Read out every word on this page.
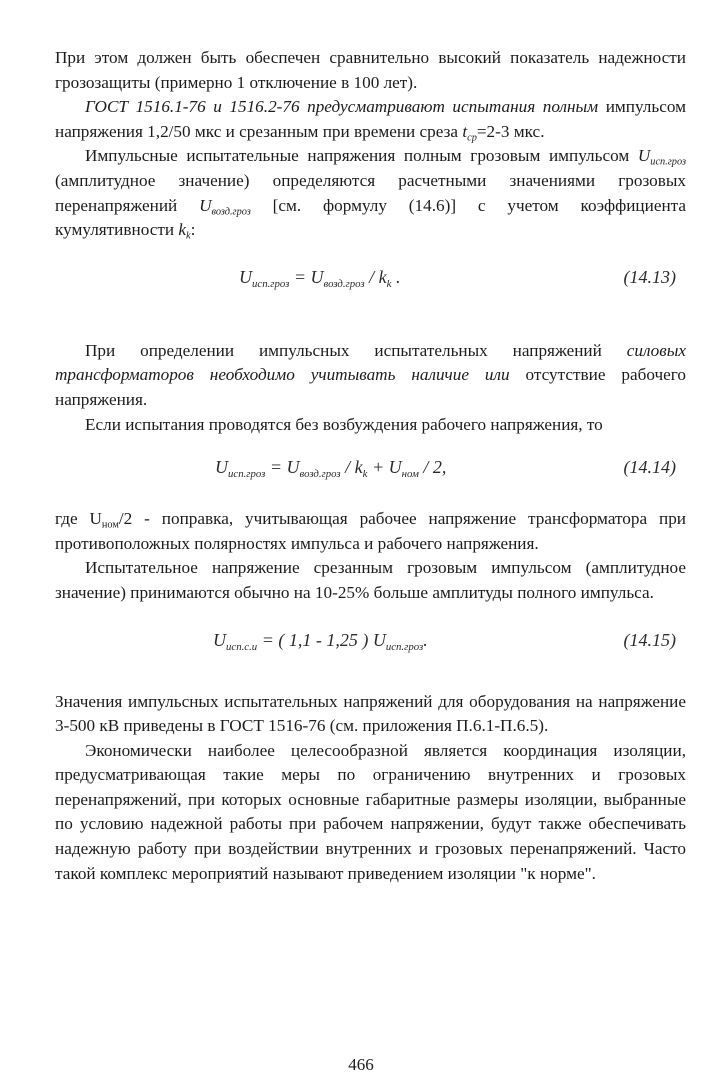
При этом должен быть обеспечен сравнительно высокий показатель надежности грозозащиты (примерно 1 отключение в 100 лет).

ГОСТ 1516.1-76 и 1516.2-76 предусматривают испытания полным импульсом напряжения 1,2/50 мкс и срезанным при времени среза $t_{ср}=2-3$ мкс.

Импульсные испытательные напряжения полным грозовым импульсом $U_{исп.гроз}$ (амплитудное значение) определяются расчетными значениями грозовых перенапряжений $U_{возд.гроз}$ [см. формулу (14.6)] с учетом коэффициента кумулятивности $k_k$:

$U_{исп.гроз} = U_{возд.гроз} / k_k$ .	(14.13)

При определении импульсных испытательных напряжений силовых трансформаторов необходимо учитывать наличие или отсутствие рабочего напряжения.

Если испытания проводятся без возбуждения рабочего напряжения, то

$U_{исп.гроз} = U_{возд.гроз} / k_k + U_{ном} / 2$,	(14.14)

где $U_{ном}/2$ - поправка, учитывающая рабочее напряжение трансформатора при противоположных полярностях импульса и рабочего напряжения.

Испытательное напряжение срезанным грозовым импульсом (амплитудное значение) принимаются обычно на 10-25% больше амплитуды полного импульса.

$U_{исп.с.и}$ = ( 1,1 - 1,25 ) $U_{исп.гроз}$.	(14.15)

Значения импульсных испытательных напряжений для оборудования на напряжение 3-500 кВ приведены в ГОСТ 1516-76 (см. приложения П.6.1-П.6.5).

Экономически наиболее целесообразной является координация изоляции, предусматривающая такие меры по ограничению внутренних и грозовых перенапряжений, при которых основные габаритные размеры изоляции, выбранные по условию надежной работы при рабочем напряжении, будут также обеспечивать надежную работу при воздействии внутренних и грозовых перенапряжений. Часто такой комплекс мероприятий называют приведением изоляции "к норме".

466
